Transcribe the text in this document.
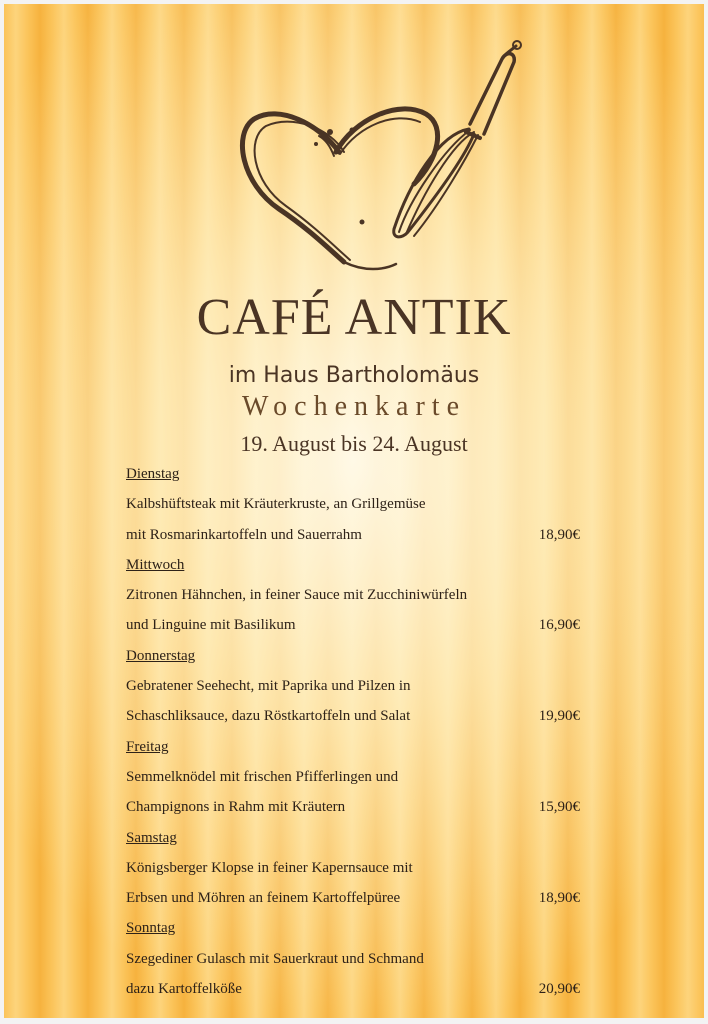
CAFÉ ANTIK
im Haus Bartholomäus
Wochenkarte
19. August bis 24. August
Dienstag
Kalbshüftsteak mit Kräuterkruste, an Grillgemüse
mit Rosmarinkartoffeln und Sauerrahm	18,90€
Mittwoch
Zitronen Hähnchen, in feiner Sauce mit Zucchiniwürfeln
und Linguine mit Basilikum	16,90€
Donnerstag
Gebratener Seehecht, mit Paprika und Pilzen in
Schaschliksauce, dazu Röstkartoffeln und Salat	19,90€
Freitag
Semmelknödel mit frischen Pfifferlingen und
Champignons in Rahm mit Kräutern	15,90€
Samstag
Königsberger Klopse in feiner Kapernsauce mit
Erbsen und Möhren an feinem Kartoffelpüree	18,90€
Sonntag
Szegediner Gulasch mit Sauerkraut und Schmand
dazu Kartoffelköße	20,90€
